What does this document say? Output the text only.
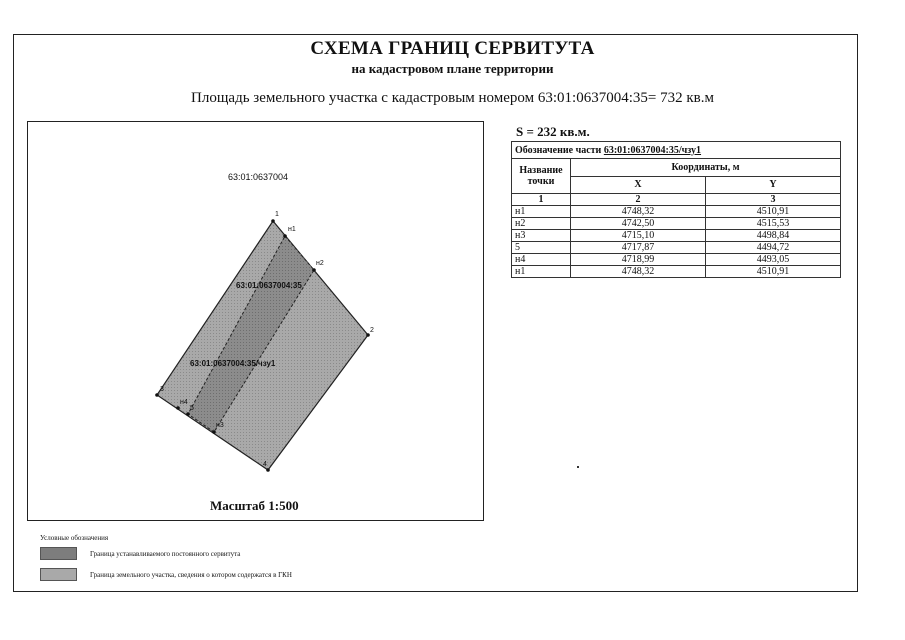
СХЕМА ГРАНИЦ СЕРВИТУТА
на кадастровом плане территории
Площадь земельного участка с кадастровым номером 63:01:0637004:35= 732 кв.м
1
н1
н2
2
н3
5
н4
3
4
63:01:0637004:35
63:01:0637004:35/чзу1
63:01:0637004
Масштаб 1:500
S = 232 кв.м.
Обозначение части 63:01:0637004:35/чзу1		
Название точки	Координаты, м	
	X	Y
1	2	3
н1	4748,32	4510,91
н2	4742,50	4515,53
н3	4715,10	4498,84
5	4717,87	4494,72
н4	4718,99	4493,05
н1	4748,32	4510,91
Условные обозначения
Граница устанавливаемого постоянного сервитута
Граница земельного участка, сведения о котором содержатся в ГКН
